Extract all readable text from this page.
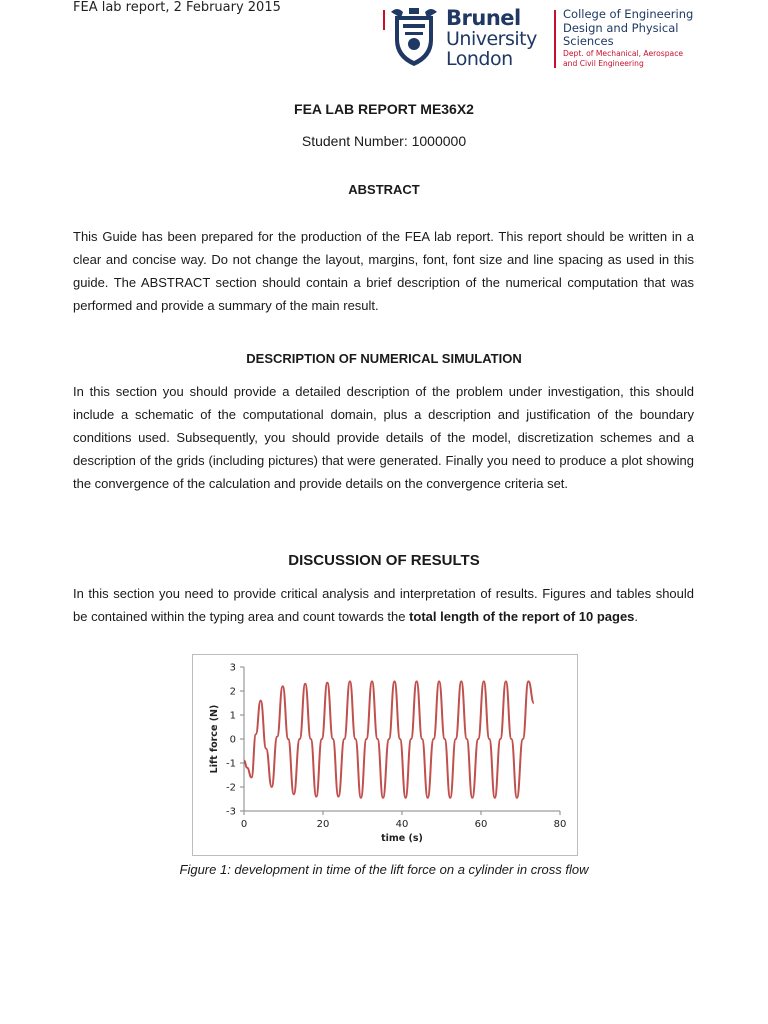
FEA lab report, 2 February 2015	Brunel
University
London
College of Engineering
Design and Physical
Sciences
Dept. of Mechanical, Aerospace
and Civil Engineering
FEA LAB REPORT ME36X2
Student Number: 1000000
ABSTRACT

This Guide has been prepared for the production of the FEA lab report. This report should be written in a clear and concise way. Do not change the layout, margins, font, font size and line spacing as used in this guide. The ABSTRACT section should contain a brief description of the numerical computation that was performed and provide a summary of the main result.

DESCRIPTION OF NUMERICAL SIMULATION

In this section you should provide a detailed description of the problem under investigation, this should include a schematic of the computational domain, plus a description and justification of the boundary conditions used. Subsequently, you should provide details of the model, discretization schemes and a description of the grids (including pictures) that were generated. Finally you need to produce a plot showing the convergence of the calculation and provide details on the convergence criteria set.

DISCUSSION OF RESULTS

In this section you need to provide critical analysis and interpretation of results. Figures and tables should be contained within the typing area and count towards the total length of the report of 10 pages.

3
2
1
0
-1
-2
-3
0	20	40	60	80
time (s)
Lift force (N)
Figure 1: development in time of the lift force on a cylinder in cross flow
